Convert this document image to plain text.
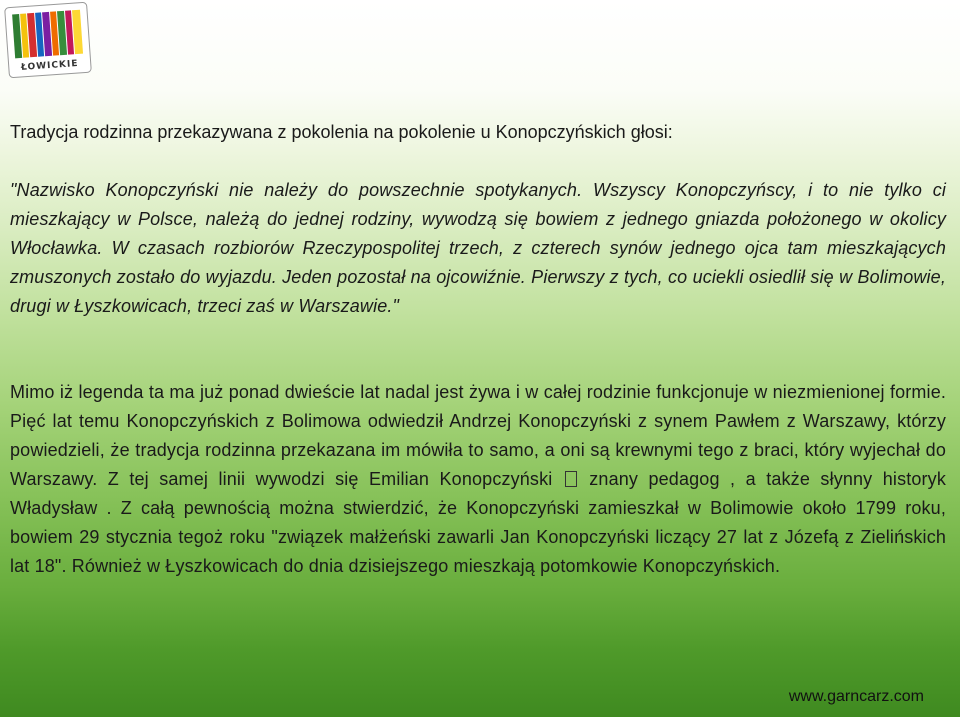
ŁOWICKIE
Tradycja rodzinna przekazywana z pokolenia na pokolenie u Konopczyńskich głosi:
"Nazwisko Konopczyński nie należy do powszechnie spotykanych. Wszyscy Konopczyńscy, i to nie tylko ci mieszkający w Polsce, należą do jednej rodziny, wywodzą się bowiem z jednego gniazda położonego w okolicy Włocławka. W czasach rozbiorów Rzeczypospolitej trzech, z czterech synów jednego ojca tam mieszkających zmuszonych zostało do wyjazdu. Jeden pozostał na ojcowiźnie. Pierwszy z tych, co uciekli osiedlił się w Bolimowie, drugi w Łyszkowicach, trzeci zaś w Warszawie."
Mimo iż legenda ta ma już ponad dwieście lat nadal jest żywa i w całej rodzinie funkcjonuje w niezmienionej formie. Pięć lat temu Konopczyńskich z Bolimowa odwiedził Andrzej Konopczyński z synem Pawłem z Warszawy, którzy powiedzieli, że tradycja rodzinna przekazana im mówiła to samo, a oni są krewnymi tego z braci, który wyjechał do Warszawy. Z tej samej linii wywodzi się Emilian Konopczyński znany pedagog , a także słynny historyk Władysław . Z całą pewnością można stwierdzić, że Konopczyński zamieszkał w Bolimowie około 1799 roku, bowiem 29 stycznia tegoż roku "związek małżeński zawarli Jan Konopczyński liczący 27 lat z Józefą z Zielińskich lat 18". Również w Łyszkowicach do dnia dzisiejszego mieszkają potomkowie Konopczyńskich.
www.garncarz.com
